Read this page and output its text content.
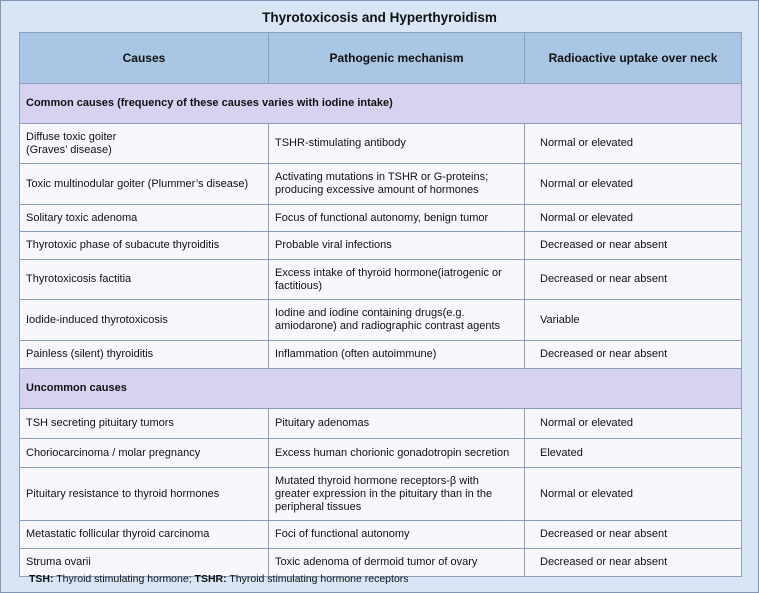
Thyrotoxicosis and Hyperthyroidism
Causes	Pathogenic mechanism	Radioactive uptake over neck
Common causes (frequency of these causes varies with iodine intake)		
Diffuse toxic goiter
(Graves’ disease)	TSHR-stimulating antibody	Normal or elevated
Toxic multinodular goiter (Plummer’s disease)	Activating mutations in TSHR or G-proteins;
producing excessive amount of hormones	Normal or elevated
Solitary toxic adenoma	Focus of functional autonomy, benign tumor	Normal or elevated
Thyrotoxic phase of subacute thyroiditis	Probable viral infections	Decreased or near absent
Thyrotoxicosis factitia	Excess intake of thyroid hormone(iatrogenic or
factitious)	Decreased or near absent
Iodide-induced thyrotoxicosis	Iodine and iodine containing drugs(e.g.
amiodarone) and radiographic contrast agents	Variable
Painless (silent) thyroiditis	Inflammation (often autoimmune)	Decreased or near absent
Uncommon causes		
TSH secreting pituitary tumors	Pituitary adenomas	Normal or elevated
Choriocarcinoma / molar pregnancy	Excess human chorionic gonadotropin secretion	Elevated
Pituitary resistance to thyroid hormones	Mutated thyroid hormone receptors-β with
greater expression in the pituitary than in the
peripheral tissues	Normal or elevated
Metastatic follicular thyroid carcinoma	Foci of functional autonomy	Decreased or near absent
Struma ovarii	Toxic adenoma of dermoid tumor of ovary	Decreased or near absent
TSH: Thyroid stimulating hormone; TSHR: Thyroid stimulating hormone receptors
